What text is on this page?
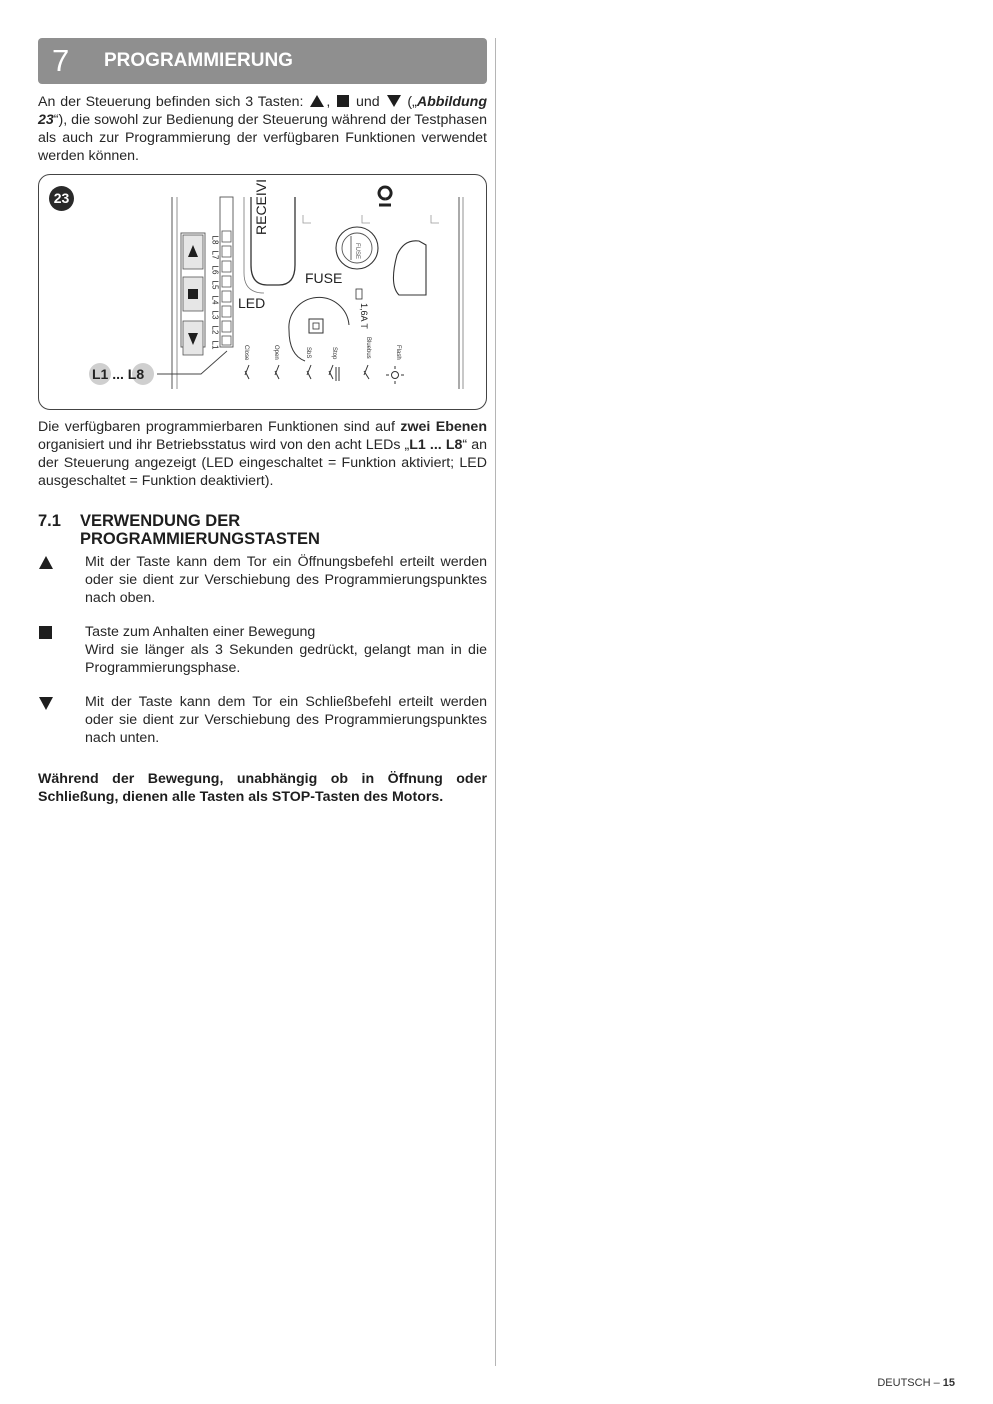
7 PROGRAMMIERUNG

An der Steuerung befinden sich 3 Tasten: ,  und  („Abbildung 23“), die sowohl zur Bedienung der Steuerung während der Testphasen als auch zur Programmierung der verfügbaren Funktionen verwendet werden können.

23	RECEIVI
FUSE
FUSE
LED	1,6A T
L8
L7
L6
L5
L4
L3
L2
L1
Close	Open	SbS	Stop	Bluebus	Flash
L1 ... L8

Die verfügbaren programmierbaren Funktionen sind auf zwei Ebenen organisiert und ihr Betriebsstatus wird von den acht LEDs „L1 ... L8“ an der Steuerung angezeigt (LED eingeschaltet = Funktion aktiviert; LED ausgeschaltet = Funktion deaktiviert).

7.1 VERWENDUNG DER PROGRAMMIERUNGSTASTEN

Mit der Taste kann dem Tor ein Öffnungsbefehl erteilt werden oder sie dient zur Verschiebung des Programmierungspunktes nach oben.

Taste zum Anhalten einer Bewegung

Wird sie länger als 3 Sekunden gedrückt, gelangt man in die Programmierungsphase.

Mit der Taste kann dem Tor ein Schließbefehl erteilt werden oder sie dient zur Verschiebung des Programmierungspunktes nach unten.

Während der Bewegung, unabhängig ob in Öffnung oder Schließung, dienen alle Tasten als STOP-Tasten des Motors.

DEUTSCH – 15
